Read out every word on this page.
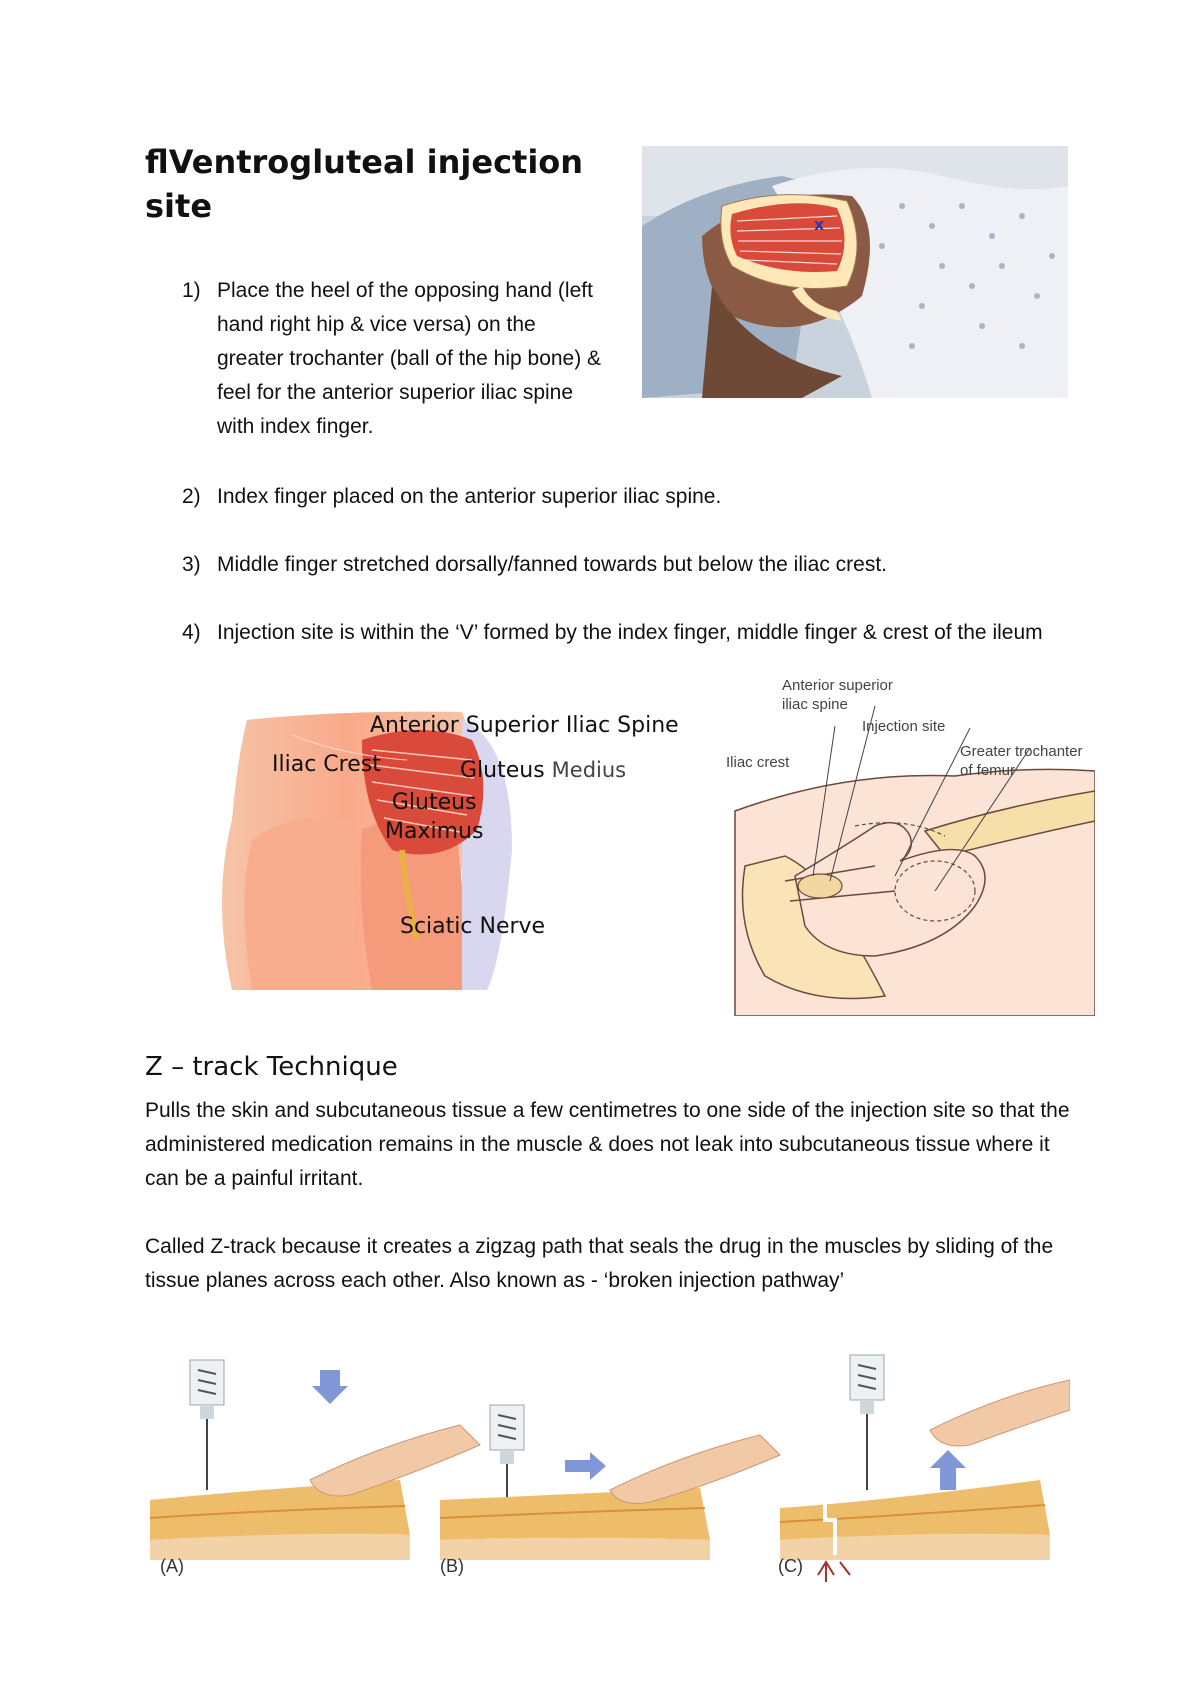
ﬂVentrogluteal injection site	x
1) Place the heel of the opposing hand (left hand right hip & vice versa) on the greater trochanter (ball of the hip bone) & feel for the anterior superior iliac spine with index finger.
2) Index finger placed on the anterior superior iliac spine.
3) Middle finger stretched dorsally/fanned towards but below the iliac crest.
4) Injection site is within the ‘V’ formed by the index finger, middle finger & crest of the ileum
Anterior Superior Iliac Spine
Iliac Crest	Gluteus Medius
Gluteus
Maximus
Sciatic Nerve
Anterior superior
iliac spine
Injection site
Iliac crest
Greater trochanter
of femur
Z – track Technique
Pulls the skin and subcutaneous tissue a few centimetres to one side of the injection site so that the administered medication remains in the muscle & does not leak into subcutaneous tissue where it can be a painful irritant.
Called Z-track because it creates a zigzag path that seals the drug in the muscles by sliding of the tissue planes across each other. Also known as - ‘broken injection pathway’
(A)	(B)	(C)
